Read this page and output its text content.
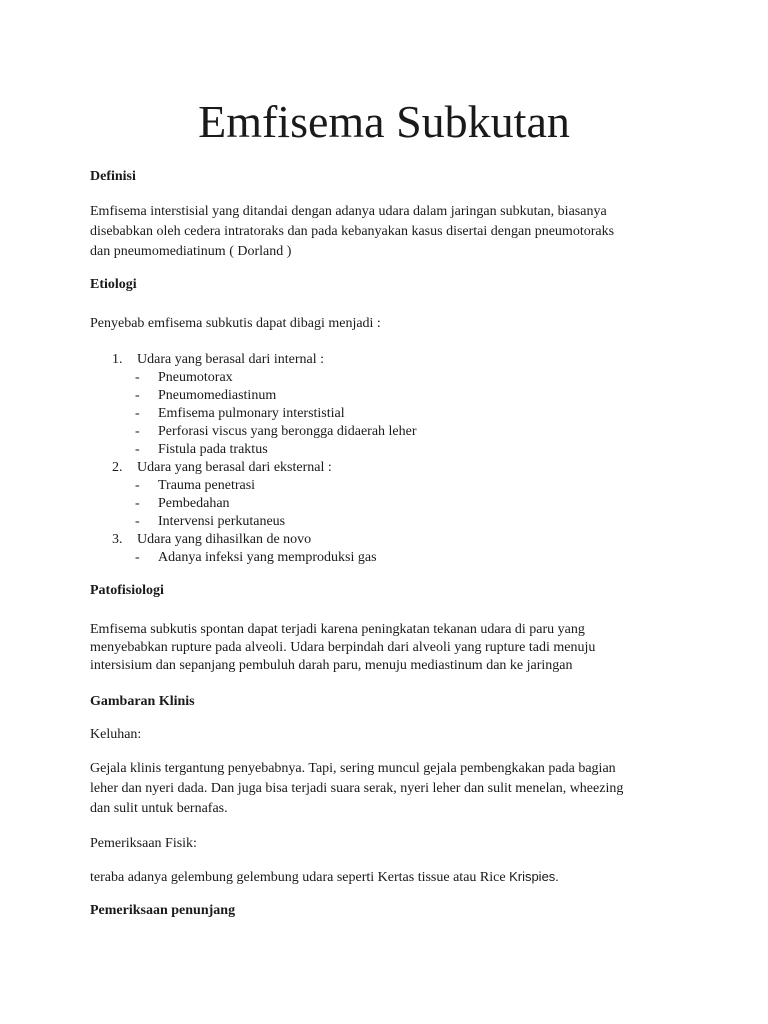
Emfisema Subkutan
Definisi
Emfisema interstisial yang ditandai dengan adanya udara dalam jaringan subkutan, biasanya
disebabkan oleh cedera intratoraks dan pada kebanyakan kasus disertai dengan pneumotoraks
dan pneumomediatinum ( Dorland )
Etiologi
Penyebab emfisema subkutis dapat dibagi menjadi :
1. Udara yang berasal dari internal :
- Pneumotorax
- Pneumomediastinum
- Emfisema pulmonary interstistial
- Perforasi viscus yang berongga didaerah leher
- Fistula pada traktus
2. Udara yang berasal dari eksternal :
- Trauma penetrasi
- Pembedahan
- Intervensi perkutaneus
3. Udara yang dihasilkan de novo
- Adanya infeksi yang memproduksi gas
Patofisiologi
Emfisema subkutis spontan dapat terjadi karena peningkatan tekanan udara di paru yang
menyebabkan rupture pada alveoli. Udara berpindah dari alveoli yang rupture tadi menuju
intersisium dan sepanjang pembuluh darah paru, menuju mediastinum dan ke jaringan
Gambaran Klinis
Keluhan:
Gejala klinis tergantung penyebabnya. Tapi, sering muncul gejala pembengkakan pada bagian
leher dan nyeri dada. Dan juga bisa terjadi suara serak, nyeri leher dan sulit menelan, wheezing
dan sulit untuk bernafas.
Pemeriksaan Fisik:
teraba adanya gelembung gelembung udara seperti Kertas tissue atau Rice Krispies.
Pemeriksaan penunjang
